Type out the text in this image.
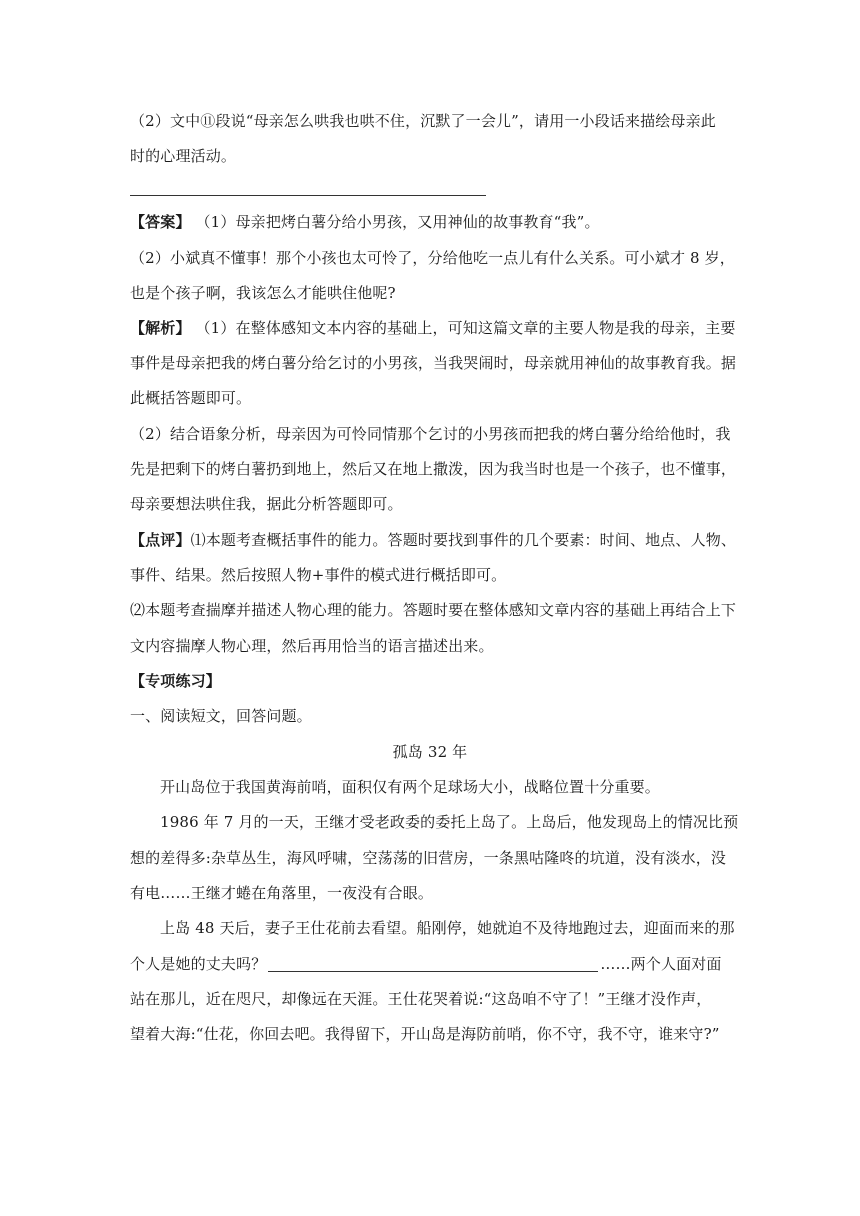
（2）文中⑪段说“母亲怎么哄我也哄不住，沉默了一会儿”，请用一小段话来描绘母亲此
时的心理活动。
【答案】 （1）母亲把烤白薯分给小男孩，又用神仙的故事教育“我”。
（2）小斌真不懂事！那个小孩也太可怜了，分给他吃一点儿有什么关系。可小斌才 8 岁，
也是个孩子啊，我该怎么才能哄住他呢?
【解析】 （1）在整体感知文本内容的基础上，可知这篇文章的主要人物是我的母亲，主要
事件是母亲把我的烤白薯分给乞讨的小男孩，当我哭闹时，母亲就用神仙的故事教育我。据
此概括答题即可。
（2）结合语象分析，母亲因为可怜同情那个乞讨的小男孩而把我的烤白薯分给给他时，我
先是把剩下的烤白薯扔到地上，然后又在地上撒泼，因为我当时也是一个孩子，也不懂事，
母亲要想法哄住我，据此分析答题即可。
【点评】⑴本题考查概括事件的能力。答题时要找到事件的几个要素：时间、地点、人物、
事件、结果。然后按照人物+事件的模式进行概括即可。
⑵本题考查揣摩并描述人物心理的能力。答题时要在整体感知文章内容的基础上再结合上下
文内容揣摩人物心理，然后再用恰当的语言描述出来。
【专项练习】
一、阅读短文，回答问题。
孤岛 32 年
开山岛位于我国黄海前哨，面积仅有两个足球场大小，战略位置十分重要。
1986 年 7 月的一天，王继才受老政委的委托上岛了。上岛后，他发现岛上的情况比预
想的差得多:杂草丛生，海风呼啸，空荡荡的旧营房，一条黑咕隆咚的坑道，没有淡水，没
有电……王继才蜷在角落里，一夜没有合眼。
上岛 48 天后，妻子王仕花前去看望。船刚停，她就迫不及待地跑过去，迎面而来的那
个人是她的丈夫吗？	……两个人面对面
站在那儿，近在咫尺，却像远在天涯。王仕花哭着说:“这岛咱不守了！”王继才没作声，
望着大海:“仕花，你回去吧。我得留下，开山岛是海防前哨，你不守，我不守，谁来守?”
